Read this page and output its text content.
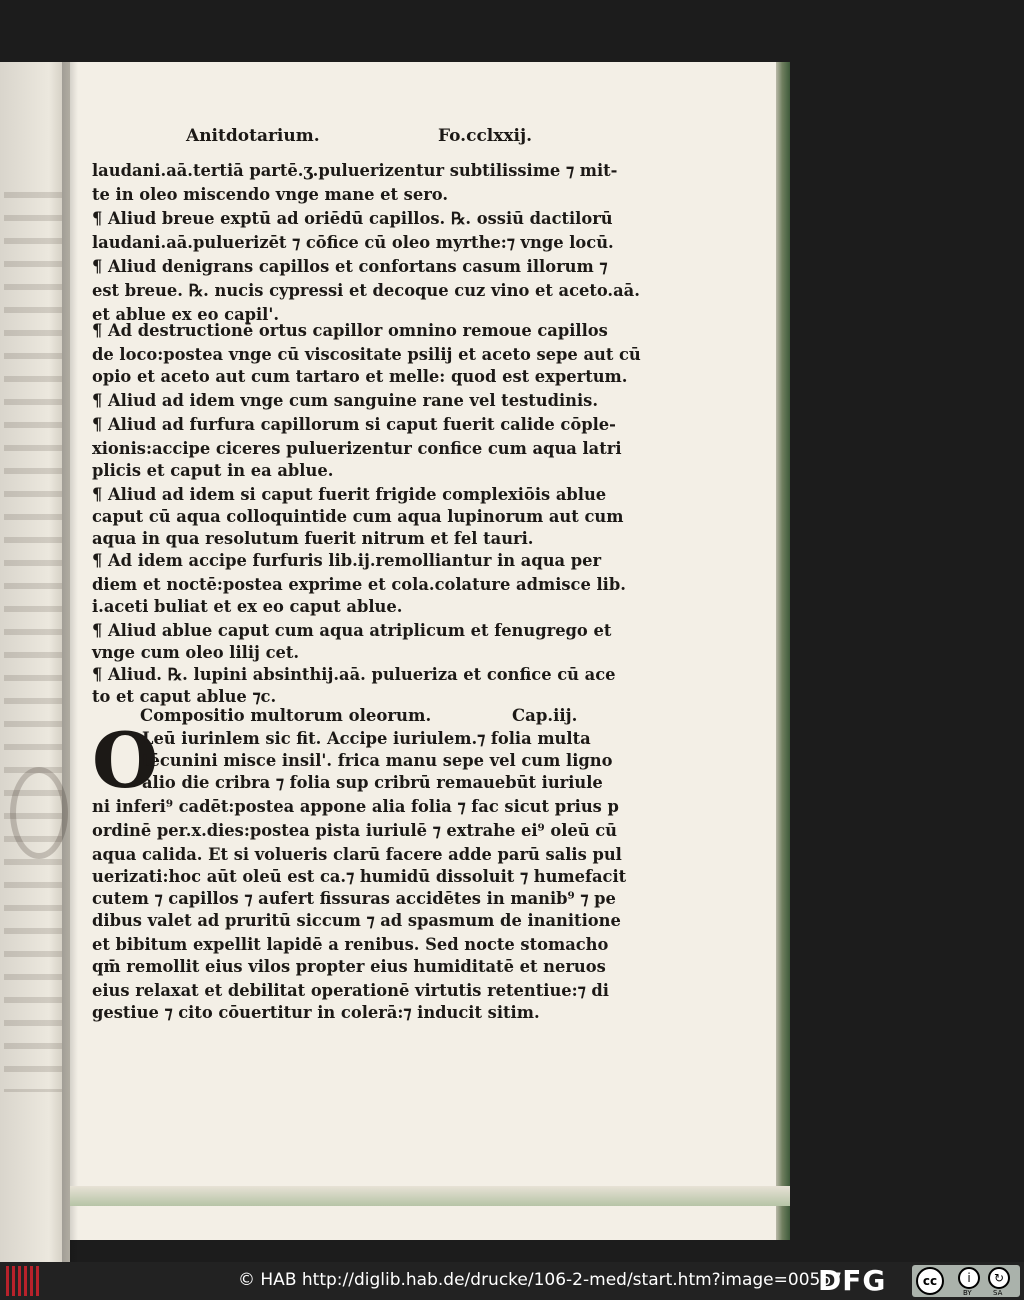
Anitdotarium.	Fo.cclxxij.
laudani.aā.tertiā partē.ʒ.puluerizentur subtilissime ⁊ mit-
te in oleo miscendo vnge mane et sero.
¶ Aliud breue exptū ad oriēdū capillos. ℞. ossiū dactilorū
laudani.aā.puluerizēt ⁊ cōfice cū oleo myrthe:⁊ vnge locū.
¶ Aliud denigrans capillos et confortans casum illorum ⁊
est breue. ℞. nucis cypressi et decoque cuz vino et aceto.aā.
et ablue ex eo capil'.
¶ Ad destructionē ortus capillor omnino remoue capillos
de loco:postea vnge cū viscositate psilij et aceto sepe aut cū
opio et aceto aut cum tartaro et melle: quod est expertum.
¶ Aliud ad idem vnge cum sanguine rane vel testudinis.
¶ Aliud ad furfura capillorum si caput fuerit calide cōple-
xionis:accipe ciceres puluerizentur confice cum aqua latri
plicis et caput in ea ablue.
¶ Aliud ad idem si caput fuerit frigide complexiōis ablue
caput cū aqua colloquintide cum aqua lupinorum aut cum
aqua in qua resolutum fuerit nitrum et fel tauri.
¶ Ad idem accipe furfuris lib.ij.remolliantur in aqua per
diem et noctē:postea exprime et cola.colature admisce lib.
i.aceti buliat et ex eo caput ablue.
¶ Aliud ablue caput cum aqua atriplicum et fenugrego et
vnge cum oleo lilij cet.
¶ Aliud. ℞. lupini absinthij.aā. puluerizа et confice cū ace
to et caput ablue ⁊c.
Compositio multorum oleorum.	Cap.iij.
O
Leū iurinlem sic fit. Accipe iuriulem.⁊ folia multa
tēcunini misce insil'. frica manu sepe vel cum ligno
alio die cribra ⁊ folia sup cribrū remauebūt iuriule
ni inferi⁹ cadēt:postea appone alia folia ⁊ fac sicut prius p
ordinē per.x.dies:postea pista iuriulē ⁊ extrahe ei⁹ oleū cū
aqua calida. Et si volueris clarū facere adde parū salis pul
uerizati:hoc aūt oleū est ca.⁊ humidū dissoluit ⁊ humefacit
cutem ⁊ capillos ⁊ aufert fissuras accidētes in manib⁹ ⁊ pe
dibus valet ad pruritū siccum ⁊ ad spasmum de inanitione
et bibitum expellit lapidē a renibus. Sed nocte stomacho
qm̄ remollit eius vilos propter eius humiditatē et neruos
eius relaxat et debilitat operationē virtutis retentiue:⁊ di
gestiue ⁊ cito cōuertitur in colerā:⁊ inducit sitim.
© HAB http://diglib.hab.de/drucke/106-2-med/start.htm?image=00567
DFG	cc	i	↻
BY	SA
